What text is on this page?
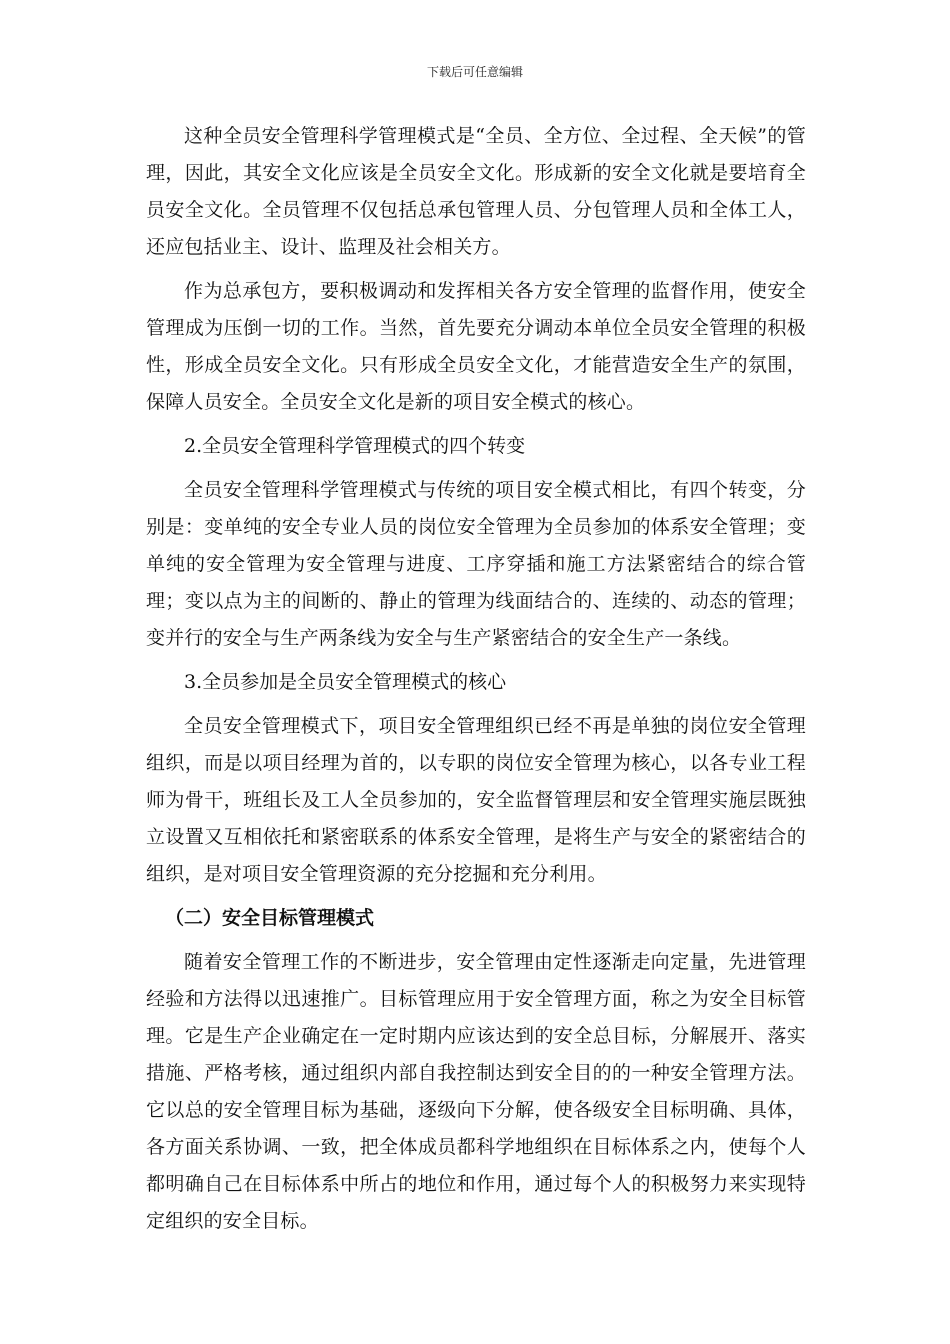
下载后可任意编辑

这种全员安全管理科学管理模式是“全员、全方位、全过程、全天候”的管理，因此，其安全文化应该是全员安全文化。形成新的安全文化就是要培育全员安全文化。全员管理不仅包括总承包管理人员、分包管理人员和全体工人，还应包括业主、设计、监理及社会相关方。

作为总承包方，要积极调动和发挥相关各方安全管理的监督作用，使安全管理成为压倒一切的工作。当然，首先要充分调动本单位全员安全管理的积极性，形成全员安全文化。只有形成全员安全文化，才能营造安全生产的氛围，保障人员安全。全员安全文化是新的项目安全模式的核心。

2.全员安全管理科学管理模式的四个转变

全员安全管理科学管理模式与传统的项目安全模式相比，有四个转变，分别是：变单纯的安全专业人员的岗位安全管理为全员参加的体系安全管理；变单纯的安全管理为安全管理与进度、工序穿插和施工方法紧密结合的综合管理；变以点为主的间断的、静止的管理为线面结合的、连续的、动态的管理；变并行的安全与生产两条线为安全与生产紧密结合的安全生产一条线。

3.全员参加是全员安全管理模式的核心

全员安全管理模式下，项目安全管理组织已经不再是单独的岗位安全管理组织，而是以项目经理为首的，以专职的岗位安全管理为核心，以各专业工程师为骨干，班组长及工人全员参加的，安全监督管理层和安全管理实施层既独立设置又互相依托和紧密联系的体系安全管理，是将生产与安全的紧密结合的组织，是对项目安全管理资源的充分挖掘和充分利用。

（二）安全目标管理模式

随着安全管理工作的不断进步，安全管理由定性逐渐走向定量，先进管理经验和方法得以迅速推广。目标管理应用于安全管理方面，称之为安全目标管理。它是生产企业确定在一定时期内应该达到的安全总目标，分解展开、落实措施、严格考核，通过组织内部自我控制达到安全目的的一种安全管理方法。它以总的安全管理目标为基础，逐级向下分解，使各级安全目标明确、具体，各方面关系协调、一致，把全体成员都科学地组织在目标体系之内，使每个人都明确自己在目标体系中所占的地位和作用，通过每个人的积极努力来实现特定组织的安全目标。
